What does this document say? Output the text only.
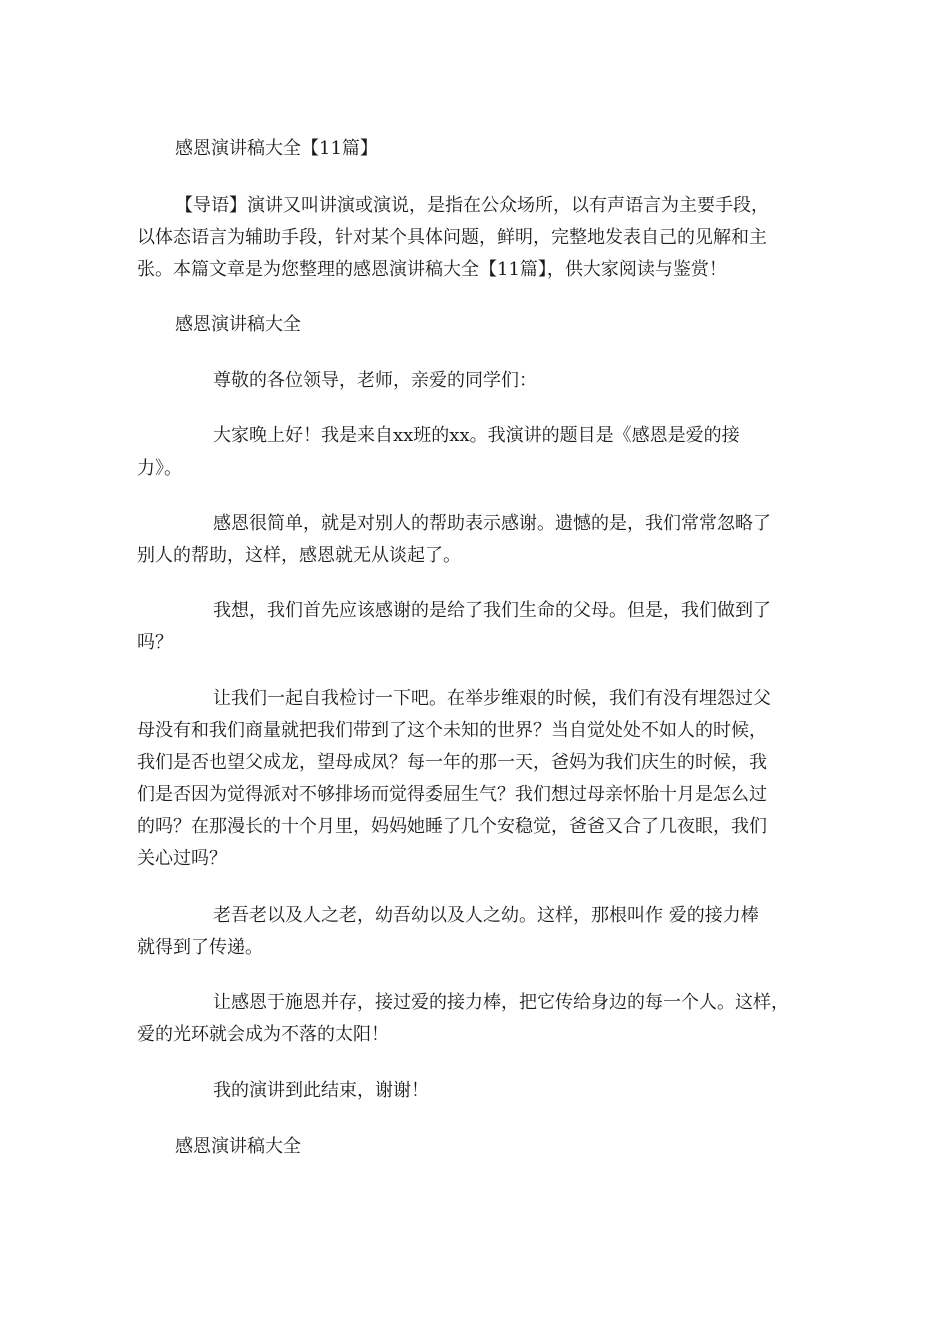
感恩演讲稿大全【11篇】
【导语】演讲又叫讲演或演说，是指在公众场所，以有声语言为主要手段，
以体态语言为辅助手段，针对某个具体问题，鲜明，完整地发表自己的见解和主
张。本篇文章是为您整理的感恩演讲稿大全【11篇】，供大家阅读与鉴赏！
感恩演讲稿大全
尊敬的各位领导，老师，亲爱的同学们：
大家晚上好！我是来自xx班的xx。我演讲的题目是《感恩是爱的接
力》。
感恩很简单，就是对别人的帮助表示感谢。遗憾的是，我们常常忽略了
别人的帮助，这样，感恩就无从谈起了。
我想，我们首先应该感谢的是给了我们生命的父母。但是，我们做到了
吗？
让我们一起自我检讨一下吧。在举步维艰的时候，我们有没有埋怨过父
母没有和我们商量就把我们带到了这个未知的世界？当自觉处处不如人的时候，
我们是否也望父成龙，望母成凤？每一年的那一天，爸妈为我们庆生的时候，我
们是否因为觉得派对不够排场而觉得委屈生气？我们想过母亲怀胎十月是怎么过
的吗？在那漫长的十个月里，妈妈她睡了几个安稳觉，爸爸又合了几夜眼，我们
关心过吗？
老吾老以及人之老，幼吾幼以及人之幼。这样，那根叫作 爱的接力棒
就得到了传递。
让感恩于施恩并存，接过爱的接力棒，把它传给身边的每一个人。这样，
爱的光环就会成为不落的太阳！
我的演讲到此结束，谢谢！
感恩演讲稿大全
